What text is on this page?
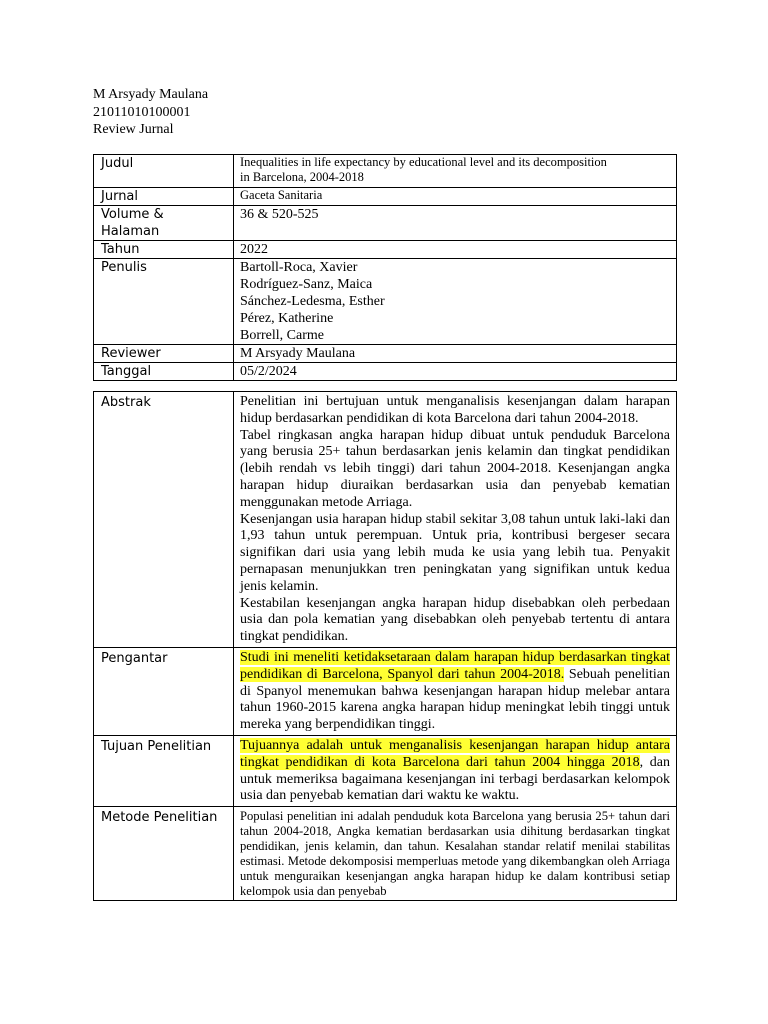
M Arsyady Maulana
21011010100001
Review Jurnal
Judul	Inequalities in life expectancy by educational level and its decomposition
in Barcelona, 2004-2018

Jurnal	Gaceta Sanitaria

Volume &
Halaman	36 & 520-525
Tahun	2022
Penulis	Bartoll-Roca, Xavier
Rodríguez-Sanz, Maica
Sánchez-Ledesma, Esther
Pérez, Katherine
Borrell, Carme

Reviewer	M Arsyady Maulana
Tanggal	05/2/2024
Abstrak	Penelitian ini bertujuan untuk menganalisis kesenjangan dalam harapan hidup berdasarkan pendidikan di kota Barcelona dari tahun 2004-2018.

Tabel ringkasan angka harapan hidup dibuat untuk penduduk Barcelona yang berusia 25+ tahun berdasarkan jenis kelamin dan tingkat pendidikan (lebih rendah vs lebih tinggi) dari tahun 2004-2018. Kesenjangan angka harapan hidup diuraikan berdasarkan usia dan penyebab kematian menggunakan metode Arriaga.

Kesenjangan usia harapan hidup stabil sekitar 3,08 tahun untuk laki-laki dan 1,93 tahun untuk perempuan. Untuk pria, kontribusi bergeser secara signifikan dari usia yang lebih muda ke usia yang lebih tua. Penyakit pernapasan menunjukkan tren peningkatan yang signifikan untuk kedua jenis kelamin.

Kestabilan kesenjangan angka harapan hidup disebabkan oleh perbedaan usia dan pola kematian yang disebabkan oleh penyebab tertentu di antara tingkat pendidikan.

Pengantar	Studi ini meneliti ketidaksetaraan dalam harapan hidup berdasarkan tingkat pendidikan di Barcelona, Spanyol dari tahun 2004-2018. Sebuah penelitian di Spanyol menemukan bahwa kesenjangan harapan hidup melebar antara tahun 1960-2015 karena angka harapan hidup meningkat lebih tinggi untuk mereka yang berpendidikan tinggi.
Tujuan Penelitian	Tujuannya adalah untuk menganalisis kesenjangan harapan hidup antara tingkat pendidikan di kota Barcelona dari tahun 2004 hingga 2018, dan untuk memeriksa bagaimana kesenjangan ini terbagi berdasarkan kelompok usia dan penyebab kematian dari waktu ke waktu.
Metode Penelitian	Populasi penelitian ini adalah penduduk kota Barcelona yang berusia 25+ tahun dari tahun 2004-2018, Angka kematian berdasarkan usia dihitung berdasarkan tingkat pendidikan, jenis kelamin, dan tahun. Kesalahan standar relatif menilai stabilitas estimasi. Metode dekomposisi memperluas metode yang dikembangkan oleh Arriaga untuk menguraikan kesenjangan angka harapan hidup ke dalam kontribusi setiap kelompok usia dan penyebab
